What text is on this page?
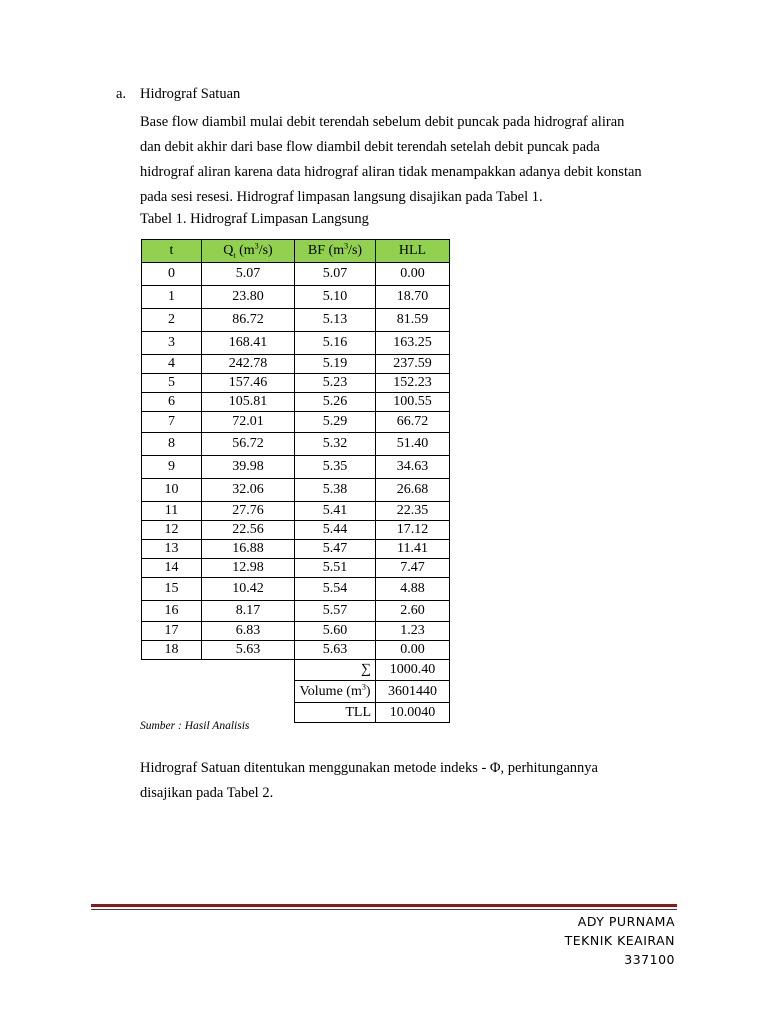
a. Hidrograf Satuan

Base flow diambil mulai debit terendah sebelum debit puncak pada hidrograf aliran

dan debit akhir dari base flow diambil debit terendah setelah debit puncak pada

hidrograf aliran karena data hidrograf aliran tidak menampakkan adanya debit konstan

pada sesi resesi. Hidrograf limpasan langsung disajikan pada Tabel 1.

Tabel 1. Hidrograf Limpasan Langsung
t	$Q_t$ $(m^3/s)$	BF $(m^3/s)$	HLL
0	5.07	5.07	0.00
1	23.80	5.10	18.70
2	86.72	5.13	81.59
3	168.41	5.16	163.25
4	242.78	5.19	237.59
5	157.46	5.23	152.23
6	105.81	5.26	100.55
7	72.01	5.29	66.72
8	56.72	5.32	51.40
9	39.98	5.35	34.63
10	32.06	5.38	26.68
11	27.76	5.41	22.35
12	22.56	5.44	17.12
13	16.88	5.47	11.41
14	12.98	5.51	7.47
15	10.42	5.54	4.88
16	8.17	5.57	2.60
17	6.83	5.60	1.23
18	5.63	5.63	0.00
		∑	1000.40
		Volume $(m^3)$	3601440
		TLL	10.0040
Sumber : Hasil Analisis

Hidrograf Satuan ditentukan menggunakan metode indeks - Φ, perhitungannya

disajikan pada Tabel 2.

ADY PURNAMA
TEKNIK KEAIRAN
337100
